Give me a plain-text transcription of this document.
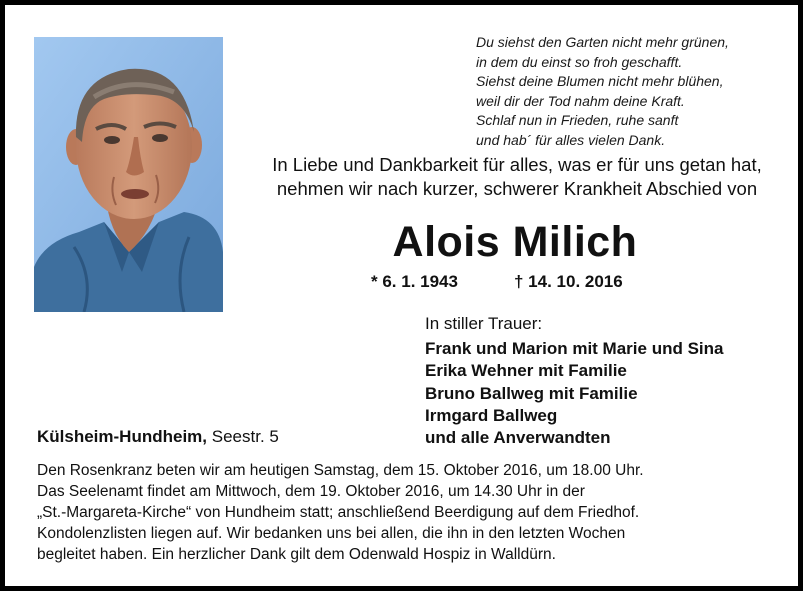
Du siehst den Garten nicht mehr grünen,
in dem du einst so froh geschafft.
Siehst deine Blumen nicht mehr blühen,
weil dir der Tod nahm deine Kraft.
Schlaf nun in Frieden, ruhe sanft
und hab´ für alles vielen Dank.
In Liebe und Dankbarkeit für alles, was er für uns getan hat,
nehmen wir nach kurzer, schwerer Krankheit Abschied von
Alois Milich
* 6. 1. 1943	† 14. 10. 2016
In stiller Trauer:
Frank und Marion mit Marie und Sina
Erika Wehner mit Familie
Bruno Ballweg mit Familie
Irmgard Ballweg
und alle Anverwandten
Külsheim-Hundheim, Seestr. 5
Den Rosenkranz beten wir am heutigen Samstag, dem 15. Oktober 2016, um 18.00 Uhr.
Das Seelenamt findet am Mittwoch, dem 19. Oktober 2016, um 14.30 Uhr in der
„St.-Margareta-Kirche“ von Hundheim statt; anschließend Beerdigung auf dem Friedhof.
Kondolenzlisten liegen auf. Wir bedanken uns bei allen, die ihn in den letzten Wochen
begleitet haben. Ein herzlicher Dank gilt dem Odenwald Hospiz in Walldürn.
